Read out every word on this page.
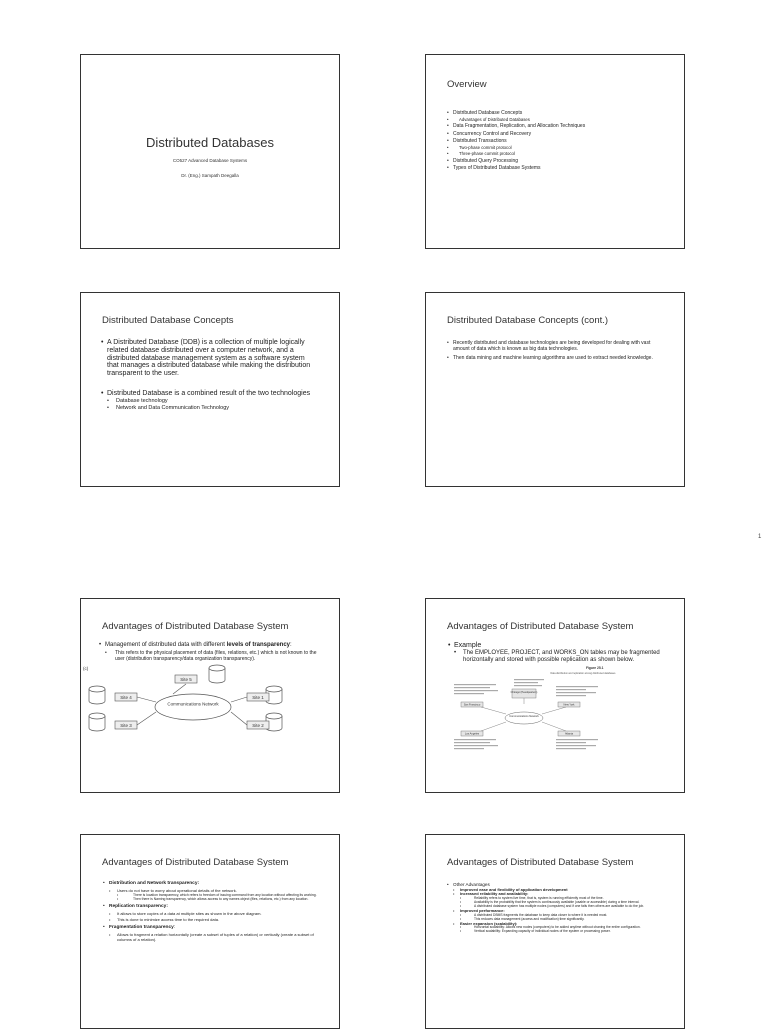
Distributed Databases
CO527 Advanced Database Systems
Dr. (Eng.) Sampath Deegalla
Overview
• Distributed Database Concepts
• Advantages of Distributed Databases
• Data Fragmentation, Replication, and Allocation Techniques
• Concurrency Control and Recovery
• Distributed Transactions
• Two-phase commit protocol
• Three-phase commit protocol
• Distributed Query Processing
• Types of Distributed Database Systems
Distributed Database Concepts
• A Distributed Database (DDB) is a collection of multiple logically related database distributed over a computer network, and a distributed database management system as a software system that manages a distributed database while making the distribution transparent to the user.
• Distributed Database is a combined result of the two technologies
• Database technology
• Network and Data Communication Technology
Distributed Database Concepts (cont.)
• Recently distributed and database technologies are being developed for dealing with vast amount of data which is known as big data technologies.
• Then data mining and machine learning algorithms are used to extract needed knowledge.
1
Advantages of Distributed Database System
• Management of distributed data with different levels of transparency:
• This refers to the physical placement of data (files, relations, etc.) which is not known to the user (distribution transparency/data organization transparency).
(c)
Communications Network
Site 5
Site 4	Site 1
Site 3	Site 2
Advantages of Distributed Database System
• Example
• The EMPLOYEE, PROJECT, and WORKS_ON tables may be fragmented horizontally and stored with possible replication as shown below.
Figure 25.1
Data distribution and replication among distributed databases.
Chicago (Headquarters)
San Francisco	New York
Communications Network
Los Angeles	Atlanta
Advantages of Distributed Database System
• Distribution and Network transparency:
• Users do not have to worry about operational details of the network.
• There is location transparency, which refers to freedom of issuing command from any location without affecting its working.
• Then there is Naming transparency, which allows access to any names object (files, relations, etc.) from any location.
• Replication transparency:
• It allows to store copies of a data at multiple sites as shown in the above diagram.
• This is done to minimize access time to the required data.
• Fragmentation transparency:
• Allows to fragment a relation horizontally (create a subset of tuples of a relation) or vertically (create a subset of columns of a relation).
Advantages of Distributed Database System
• Other Advantages
• Improved ease and flexibility of application development
• Increased reliability and availability:
• Reliability refers to system live time, that is, system is running efficiently most of the time.
• Availability is the probability that the system is continuously available (usable or accessible) during a time interval.
• A distributed database system has multiple nodes (computers) and if one fails then others are available to do the job.
• Improved performance:
• A distributed DBMS fragments the database to keep data closer to where it is needed most.
• This reduces data management (access and modification) time significantly.
• Easier expansion (scalability):
• Horizontal scalability: Allows new nodes (computers) to be added anytime without chaning the entire configuration.
• Vertical scalability: Expanding capacity of individual nodes of the system or processing power.
